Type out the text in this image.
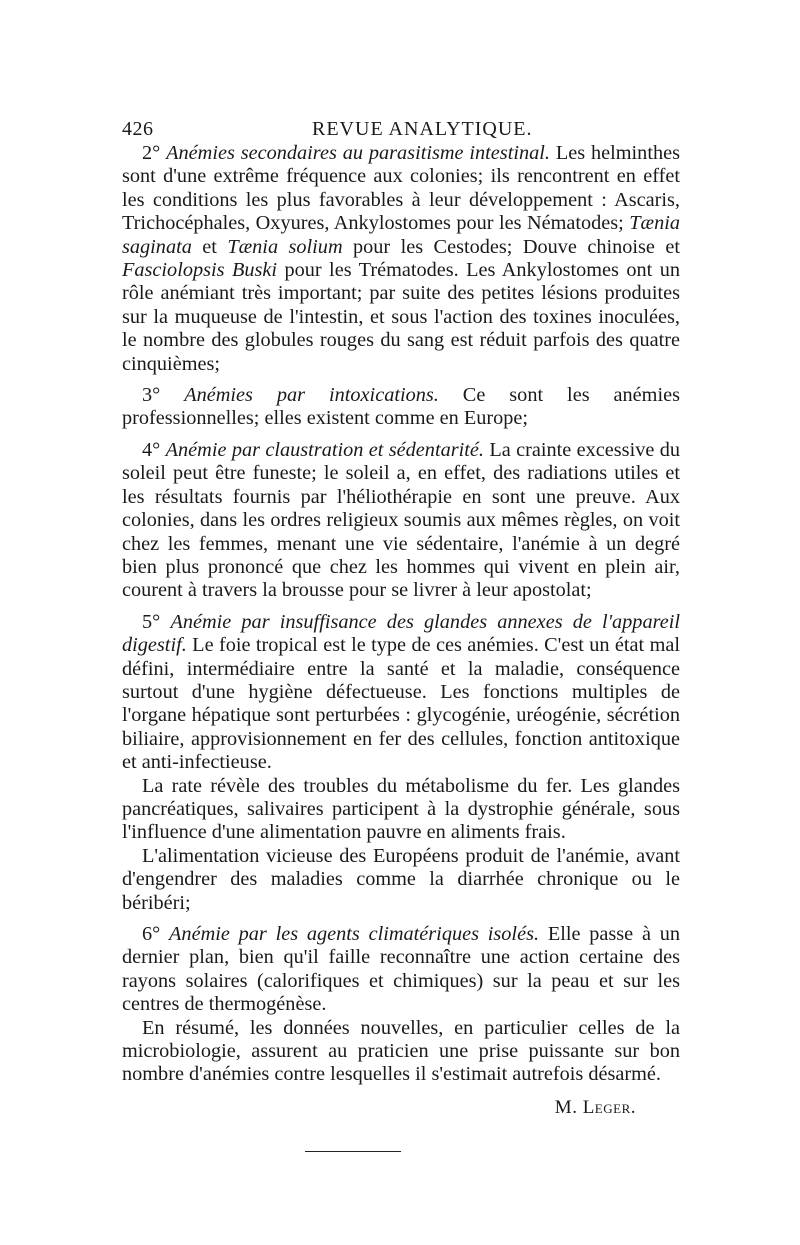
426	REVUE ANALYTIQUE.

2° Anémies secondaires au parasitisme intestinal. Les helminthes sont d'une extrême fréquence aux colonies; ils rencontrent en effet les conditions les plus favorables à leur développement : Ascaris, Trichocéphales, Oxyures, Ankylostomes pour les Nématodes; Tænia saginata et Tænia solium pour les Cestodes; Douve chinoise et Fasciolopsis Buski pour les Trématodes. Les Ankylostomes ont un rôle anémiant très important; par suite des petites lésions produites sur la muqueuse de l'intestin, et sous l'action des toxines inoculées, le nombre des globules rouges du sang est réduit parfois des quatre cinquièmes;

3° Anémies par intoxications. Ce sont les anémies professionnelles; elles existent comme en Europe;

4° Anémie par claustration et sédentarité. La crainte excessive du soleil peut être funeste; le soleil a, en effet, des radiations utiles et les résultats fournis par l'héliothérapie en sont une preuve. Aux colonies, dans les ordres religieux soumis aux mêmes règles, on voit chez les femmes, menant une vie sédentaire, l'anémie à un degré bien plus prononcé que chez les hommes qui vivent en plein air, courent à travers la brousse pour se livrer à leur apostolat;

5° Anémie par insuffisance des glandes annexes de l'appareil digestif. Le foie tropical est le type de ces anémies. C'est un état mal défini, intermédiaire entre la santé et la maladie, conséquence surtout d'une hygiène défectueuse. Les fonctions multiples de l'organe hépatique sont perturbées : glycogénie, uréogénie, sécrétion biliaire, approvisionnement en fer des cellules, fonction antitoxique et anti-infectieuse.

La rate révèle des troubles du métabolisme du fer. Les glandes pancréatiques, salivaires participent à la dystrophie générale, sous l'influence d'une alimentation pauvre en aliments frais.

L'alimentation vicieuse des Européens produit de l'anémie, avant d'engendrer des maladies comme la diarrhée chronique ou le béribéri;

6° Anémie par les agents climatériques isolés. Elle passe à un dernier plan, bien qu'il faille reconnaître une action certaine des rayons solaires (calorifiques et chimiques) sur la peau et sur les centres de thermogénèse.

En résumé, les données nouvelles, en particulier celles de la microbiologie, assurent au praticien une prise puissante sur bon nombre d'anémies contre lesquelles il s'estimait autrefois désarmé.

M. Leger.
